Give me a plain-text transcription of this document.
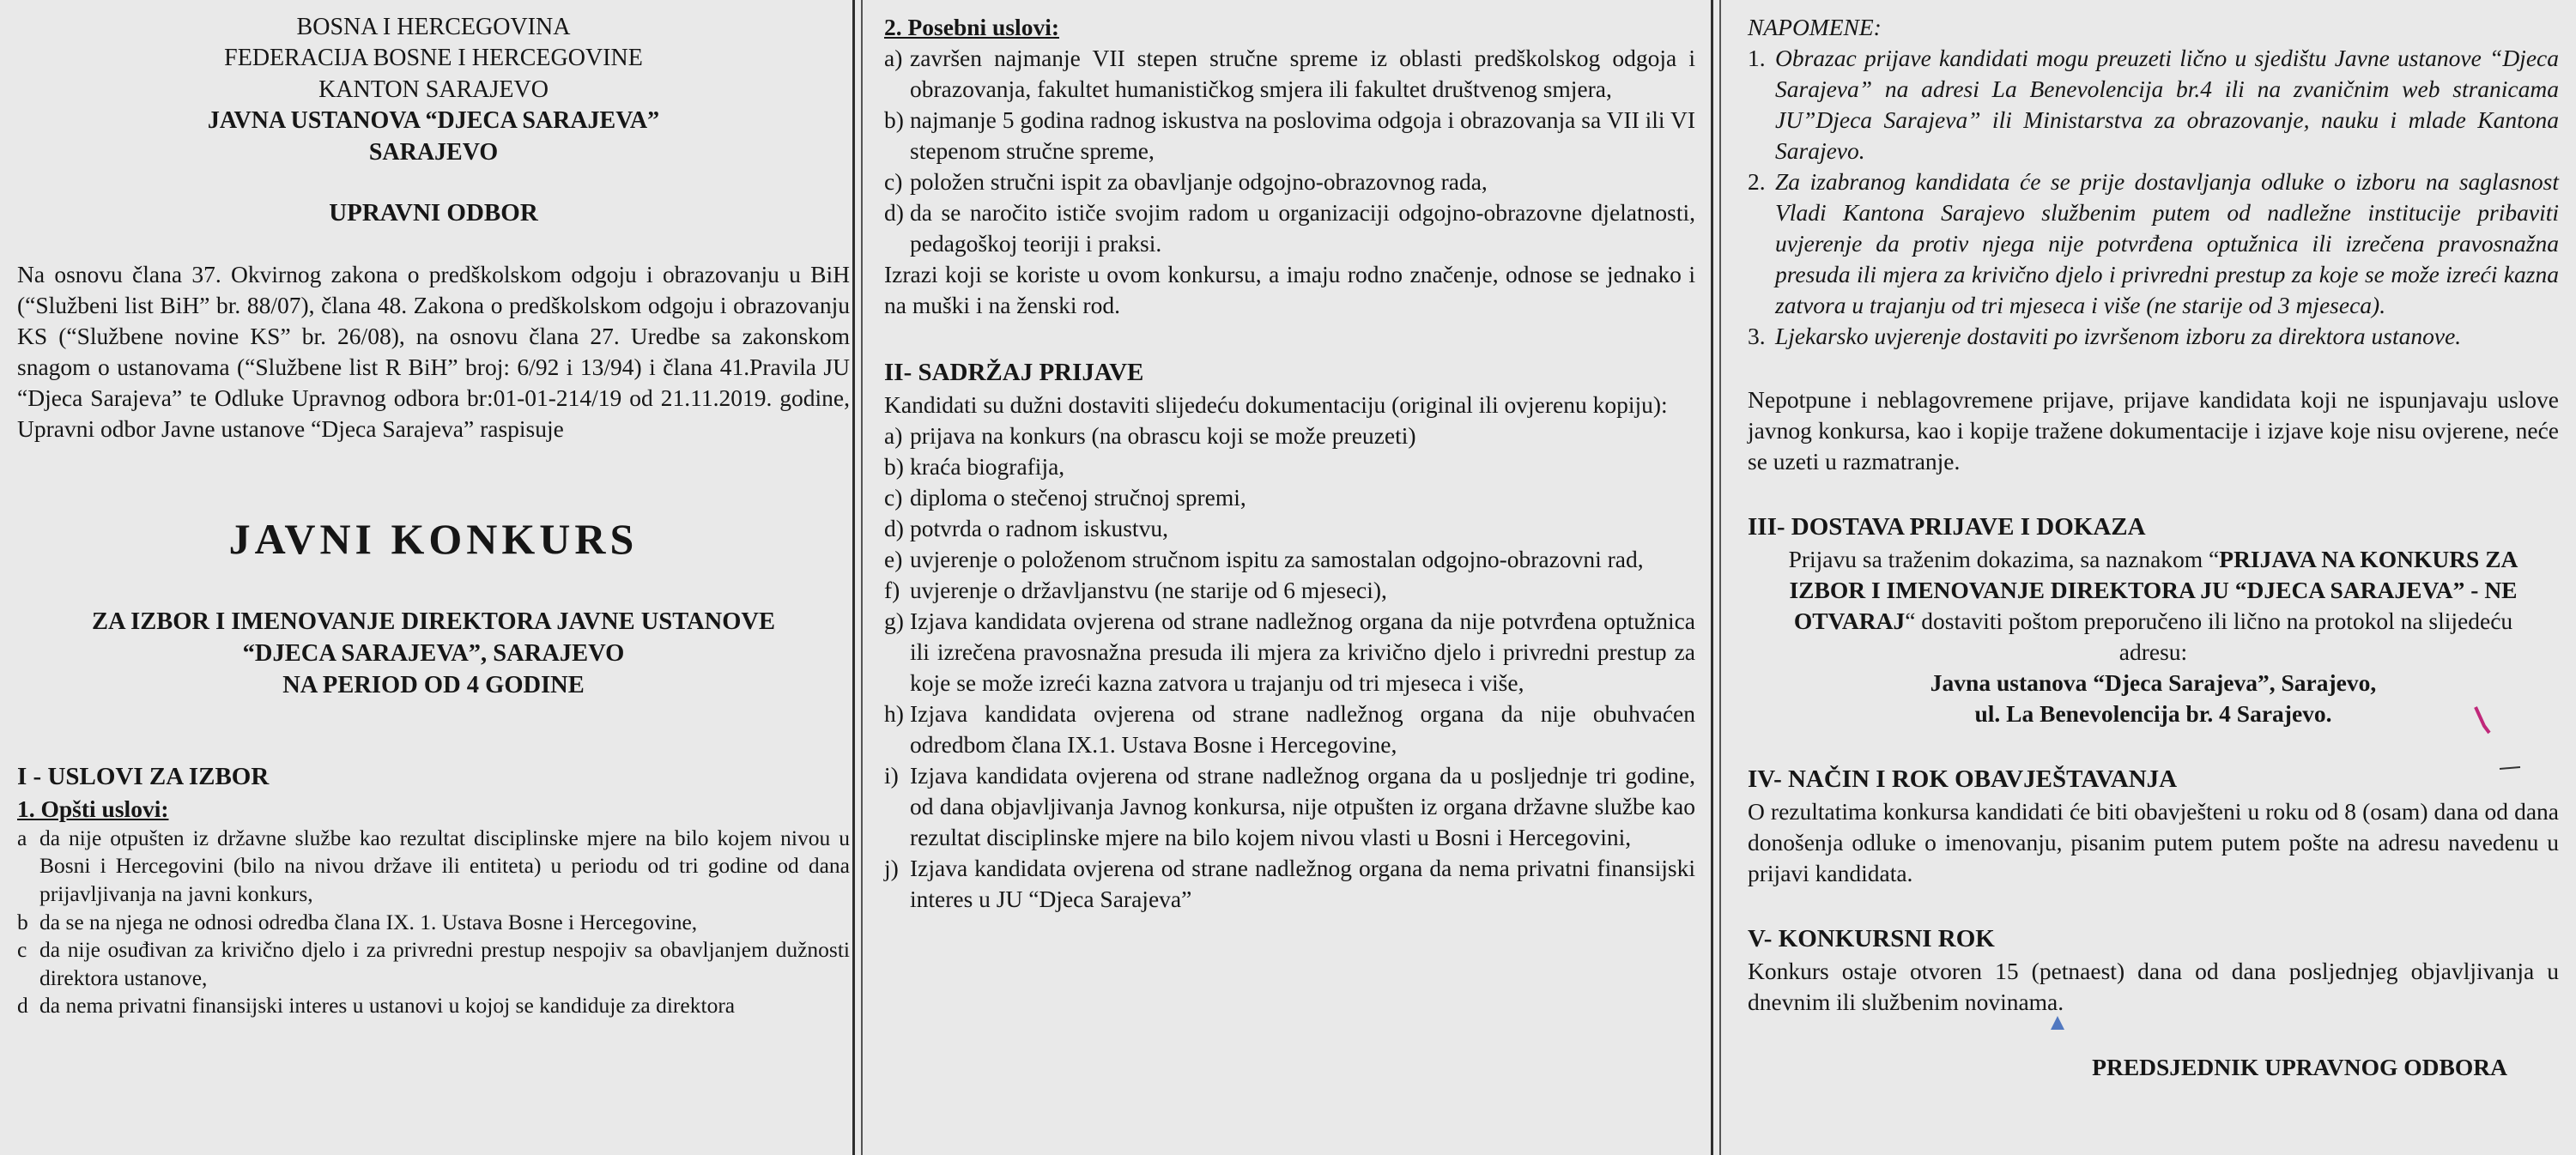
BOSNA I HERCEGOVINA
FEDERACIJA BOSNE I HERCEGOVINE
KANTON SARAJEVO
JAVNA USTANOVA “DJECA SARAJEVA”
SARAJEVO
UPRAVNI ODBOR
Na osnovu člana 37. Okvirnog zakona o predškolskom odgoju i obrazovanju u BiH (“Službeni list BiH” br. 88/07), člana 48. Zakona o predškolskom odgoju i obrazovanju KS (“Službene novine KS” br. 26/08), na osnovu člana 27. Uredbe sa zakonskom snagom o ustanovama (“Službene list R BiH” broj: 6/92 i 13/94) i člana 41.Pravila JU “Djeca Sarajeva” te Odluke Upravnog odbora br:01-01-214/19 od 21.11.2019. godine, Upravni odbor Javne ustanove “Djeca Sarajeva” raspisuje
JAVNI KONKURS
ZA IZBOR I IMENOVANJE DIREKTORA JAVNE USTANOVE
“DJECA SARAJEVA”, SARAJEVO
NA PERIOD OD 4 GODINE
I - USLOVI ZA IZBOR
1. Opšti uslovi:
a da nije otpušten iz državne službe kao rezultat disciplinske mjere na bilo kojem nivou u Bosni i Hercegovini (bilo na nivou države ili entiteta) u periodu od tri godine od dana prijavljivanja na javni konkurs,
b da se na njega ne odnosi odredba člana IX. 1. Ustava Bosne i Hercegovine,
c da nije osuđivan za krivično djelo i za privredni prestup nespojiv sa obavljanjem dužnosti direktora ustanove,
d da nema privatni finansijski interes u ustanovi u kojoj se kandiduje za direktora
2. Posebni uslovi:
a) završen najmanje VII stepen stručne spreme iz oblasti predškolskog odgoja i obrazovanja, fakultet humanističkog smjera ili fakultet društvenog smjera,
b) najmanje 5 godina radnog iskustva na poslovima odgoja i obrazovanja sa VII ili VI stepenom stručne spreme,
c) položen stručni ispit za obavljanje odgojno-obrazovnog rada,
d) da se naročito ističe svojim radom u organizaciji odgojno-obrazovne djelatnosti, pedagoškoj teoriji i praksi.
Izrazi koji se koriste u ovom konkursu, a imaju rodno značenje, odnose se jednako i na muški i na ženski rod.
II- SADRŽAJ PRIJAVE
Kandidati su dužni dostaviti slijedeću dokumentaciju (original ili ovjerenu kopiju):
a) prijava na konkurs (na obrascu koji se može preuzeti)
b) kraća biografija,
c) diploma o stečenoj stručnoj spremi,
d) potvrda o radnom iskustvu,
e) uvjerenje o položenom stručnom ispitu za samostalan odgojno-obrazovni rad,
f) uvjerenje o državljanstvu (ne starije od 6 mjeseci),
g) Izjava kandidata ovjerena od strane nadležnog organa da nije potvrđena optužnica ili izrečena pravosnažna presuda ili mjera za krivično djelo i privredni prestup za koje se može izreći kazna zatvora u trajanju od tri mjeseca i više,
h) Izjava kandidata ovjerena od strane nadležnog organa da nije obuhvaćen odredbom člana IX.1. Ustava Bosne i Hercegovine,
i) Izjava kandidata ovjerena od strane nadležnog organa da u posljednje tri godine, od dana objavljivanja Javnog konkursa, nije otpušten iz organa državne službe kao rezultat disciplinske mjere na bilo kojem nivou vlasti u Bosni i Hercegovini,
j) Izjava kandidata ovjerena od strane nadležnog organa da nema privatni finansijski interes u JU “Djeca Sarajeva”
NAPOMENE:
1. Obrazac prijave kandidati mogu preuzeti lično u sjedištu Javne ustanove “Djeca Sarajeva” na adresi La Benevolencija br.4 ili na zvaničnim web stranicama JU”Djeca Sarajeva” ili Ministarstva za obrazovanje, nauku i mlade Kantona Sarajevo.
2. Za izabranog kandidata će se prije dostavljanja odluke o izboru na saglasnost Vladi Kantona Sarajevo službenim putem od nadležne institucije pribaviti uvjerenje da protiv njega nije potvrđena optužnica ili izrečena pravosnažna presuda ili mjera za krivično djelo i privredni prestup za koje se može izreći kazna zatvora u trajanju od tri mjeseca i više (ne starije od 3 mjeseca).
3. Ljekarsko uvjerenje dostaviti po izvršenom izboru za direktora ustanove.
Nepotpune i neblagovremene prijave, prijave kandidata koji ne ispunjavaju uslove javnog konkursa, kao i kopije tražene dokumentacije i izjave koje nisu ovjerene, neće se uzeti u razmatranje.
III- DOSTAVA PRIJAVE I DOKAZA
Prijavu sa traženim dokazima, sa naznakom “PRIJAVA NA KONKURS ZA IZBOR I IMENOVANJE DIREKTORA JU “DJECA SARAJEVA” - NE OTVARAJ“ dostaviti poštom preporučeno ili lično na protokol na slijedeću adresu:
Javna ustanova “Djeca Sarajeva”, Sarajevo,
ul. La Benevolencija br. 4 Sarajevo.
IV- NAČIN I ROK OBAVJEŠTAVANJA
O rezultatima konkursa kandidati će biti obavješteni u roku od 8 (osam) dana od dana donošenja odluke o imenovanju, pisanim putem putem pošte na adresu navedenu u prijavi kandidata.
V- KONKURSNI ROK
Konkurs ostaje otvoren 15 (petnaest) dana od dana posljednjeg objavljivanja u dnevnim ili službenim novinama.
PREDSJEDNIK UPRAVNOG ODBORA
